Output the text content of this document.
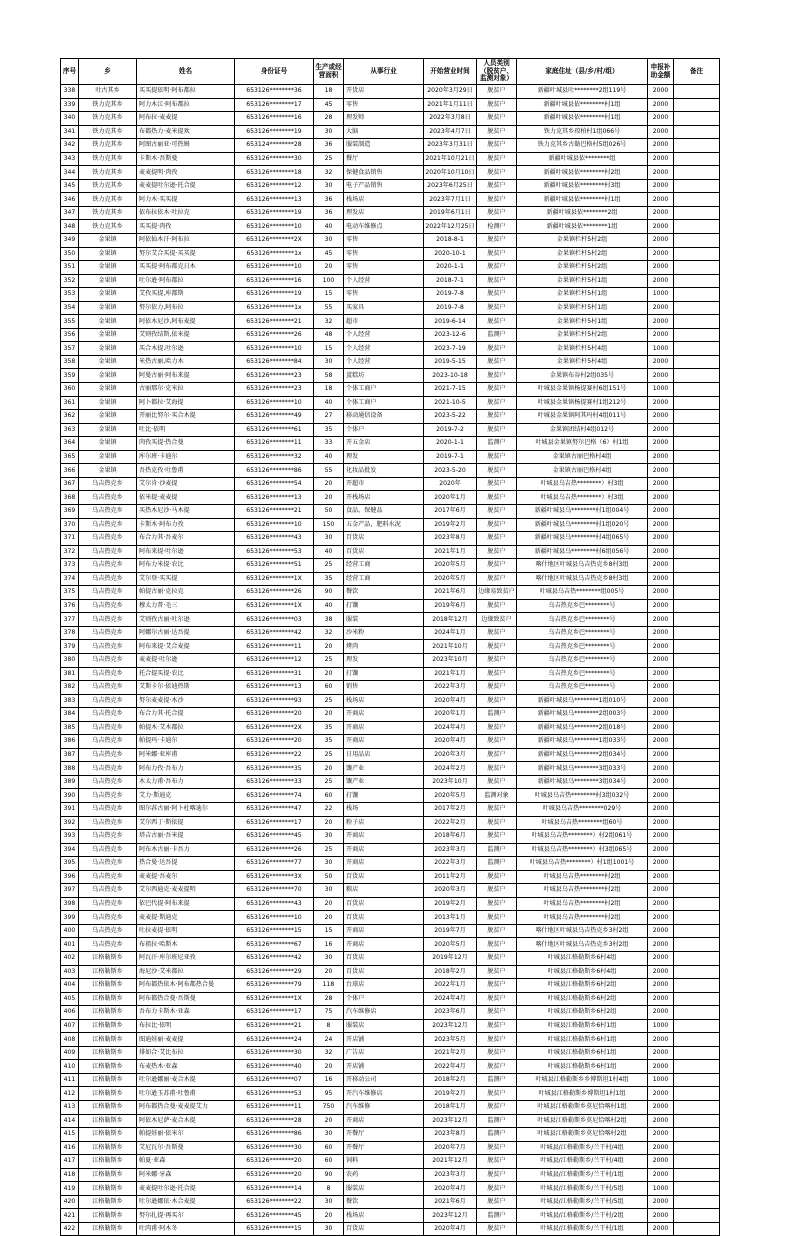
序号	乡	姓名	身份证号	生产或经营面积	从事行业	开始营业时间	人员类别（脱贫户、监测对象）	家庭住址（县/乡/村/组）	申报补助金额	备注
338	吐古其乡	买买提依明·阿布都拉	653126********36	18	开货店	2020年3月29日	脱贫户	新疆叶城县吐********2组119号	2000	
339	铁力克其乡	阿力木江·阿布都拉	653126********17	45	零售	2021年1月11日	脱贫户	新疆叶城县依********村1组	2000	
340	铁力克其乡	阿布拉·麦麦提	653126********16	28	理发师	2022年3月8日	脱贫户	新疆叶城县依********村1组	2000	
341	铁力克其乡	布都热力·麦米提欢	653126********19	30	大脑	2023年4月7日	脱贫户	铁力克其乡琼柏村1组066号	2000	
342	铁力克其乡	阿图古丽亚·可热姆	653124********28	36	服装制造	2023年3月31日	脱贫户	铁力克其乡古勒巴格村5组026号	2000	
343	铁力克其乡	卡斯木·吾斯曼	653126********30	25	餐厅	2021年10月21日	脱贫户	新疆叶城县依********组	2000	
344	铁力克其乡	麦麦提明·肉孜	653126********18	32	保健食品销售	2020年10月10日	脱贫户	新疆叶城县依********村2组	2000	
345	铁力克其乡	麦麦提吐尔逊·托合提	653126********12	30	电子产品销售	2023年6月25日	脱贫户	新疆叶城县依********村3组	2000	
346	铁力克其乡	阿力木·买买提	653126********13	36	栈场店	2023年7月1日	脱贫户	新疆叶城县依********村1组	2000	
347	铁力克其乡	依布拉依木·吐拉克	653126********19	36	理发店	2019年6月1日	脱贫户	新疆叶城县依********2组	2000	
348	铁力克其乡	买买提·肉孜	653126********10	40	电动车维修点	2022年12月25日	检测户	新疆叶城县依********1组	2000	
349	金果镇	阿依仙木汗·阿布拉	653126********2X	30	零售	2018-8-1	脱贫户	金果镇栏杆5村2组	2000	
350	金果镇	努尔艾合买提·买买提	653126********1x	45	零售	2020-10-1	脱贫户	金果镇栏杆5村2组	2000	
351	金果镇	买买提·阿布都克日木	653126********10	20	零售	2020-1-1	脱贫户	金果镇栏杆5村2组	2000	
352	金果镇	吐尔逊·阿布都拉	653126********16	100	个人经营	2018-7-1	脱贫户	金果镇栏杆5村1组	2000	
353	金果镇	艾孜买提,库都斯	653126********19	15	零售	2019-7-8	脱贫户	金果镇栏杆5村1组	1000	
354	金果镇	努尔依力,阿布拉	653126********1x	55	买家具	2019-7-8	脱贫户	金果镇栏杆5村1组	2000	
355	金果镇	阿依木尼沙,阿布麦提	653126********21	32	超市	2019-6-14	脱贫户	金果镇栏杆5村1组	2000	
356	金果镇	艾则孜结斯,依米提	653126********26	48	个人经营	2023-12-6	监测户	金果镇栏杆5村2组	2000	
357	金果镇	买合木提,吐尔逊	653126********10	15	个人经营	2023-7-19	脱贫户	金果镇栏杆5村4组	1000	
358	金果镇	米热古丽,哈力木	653126********84	30	个人经营	2019-5-15	脱贫户	金果镇栏杆5村4组	2000	
359	金果镇	阿曼古丽·阿布来提	653126********23	58	蛋糕坊	2023-10-18	脱贫户	金果镇布谷村2组035号	2000	
360	金果镇	古丽那尔·克米拉	653126********23	18	个体工商户	2021-7-15	脱贫户	叶城县金果镇杨提赛村6组151号	1000	
361	金果镇	阿卜都拉·艾海提	653126********10	40	个体工商户	2021-10-5	脱贫户	叶城县金果镇杨提赛村1组212号	2000	
362	金果镇	开丽比努尔·买合木提	653126********49	27	移动通信设备	2023-5-22	脱贫户	叶城县金果镇阿其玛村4组011号	2000	
363	金果镇	吐比·依明	653126********61	35	个体户	2019-7-2	脱贫户	金果镇团结村4组012号	2000	
364	金果镇	肉孜买提·热合曼	653126********11	33	开五金店	2020-1-1	监测户	叶城县金果镇努尔巴格（6）村1组	2000	
365	金果镇	库尔班·卡迪尔	653126********32	40	理发	2019-7-1	脱贫户	金果镇古丽巴格村4组	2000	
366	金果镇	吾热克孜·吐鲁甫	653126********86	55	化妆品批发	2023-5-20	脱贫户	金果镇古丽巴格村4组	2000	
367	乌吉热克乡	艾尔肯·沙麦提	653126********54	20	开超市	2020年	脱贫户	叶城县乌吉热********）村3组	2000	
368	乌吉热克乡	依米提·麦麦提	653126********13	20	开栈场店	2020年1月	脱贫户	叶城县乌吉热********）村3组	2000	
369	乌吉热克乡	买热木尼沙·马木提	653126********21	50	食品、保健品	2017年6月	脱贫户	新疆叶城县乌********村1组004号	2000	
370	乌吉热克乡	卡斯木·阿布力孜	653126********10	150	五金产品，肥料水泥	2019年2月	脱贫户	新疆叶城县乌********村1组020号	2000	
371	乌吉热克乡	布合力其·吾麦尔	653126********43	30	百货店	2023年8月	脱贫户	新疆叶城县乌********村4组065号	2000	
372	乌吉热克乡	阿布来提·吐尔逊	653126********53	40	百货店	2021年1月	脱贫户	新疆叶城县乌********村6组056号	2000	
373	乌吉热克乡	阿布力米提·农比	653126********51	25	经营工商	2020年5月	脱贫户	喀什地区叶城县乌吉热克乡8村3组	2000	
374	乌吉热克乡	艾尔登·买买提	653126********1X	35	经营工商	2020年5月	脱贫户	喀什地区叶城县乌吉热克乡8村3组	2000	
375	乌吉热克乡	帕提古丽·克拉克	653126********26	90	餐饮	2021年6月	边缘易致贫户	叶城县乌吉热********组005号	2000	
376	乌吉热克乡	穆太力普·毛三	653126********1X	40	打馕	2019年6月	脱贫户	乌吉热克乡巴********号	2000	
377	乌吉热克乡	艾则孜古丽·吐尔逊	653126********03	38	服装	2018年12月	边缘致贫户	乌吉热克乡巴********号	2000	
378	乌吉热克乡	阿娜尔古丽·达吾提	653126********42	32	沙米粉	2024年1月	脱贫户	乌吉热克乡巴********号	2000	
379	乌吉热克乡	阿布来提·艾合麦提	653126********11	20	烤肉	2021年10月	脱贫户	乌吉热克乡巴********号	2000	
380	乌吉热克乡	麦麦提·吐尔逊	653126********12	25	理发	2023年10月	脱贫户	乌吉热克乡巴********号	2000	
381	乌吉热克乡	托合提买提·农比	653126********31	20	打馕	2021年1月	脱贫户	乌吉热克乡巴********号	2000	
382	乌吉热克乡	艾斯卡尔·依迪热斯	653126********13	60	销售	2022年3月	脱贫户	乌吉热克乡巴********号	2000	
383	乌吉热克乡	努尔麦麦提·木沙	653126********93	25	栈场店	2020年4月	脱贫户	新疆叶城县乌********1组010号	2000	
384	乌吉热克乡	布合力其·托合提	653126********20	20	开商店	2020年1月	监测户	新疆叶城县乌********2组003号	2000	
385	乌吉热克乡	帕提木·艾木都拉	653126********2X	35	开商店	2024年4月	脱贫户	新疆叶城县乌********2组018号	2000	
386	乌吉热克乡	帕提玛·卡迪尔	653126********20	35	开商店	2020年4月	脱贫户	新疆叶城县乌********1组033号	2000	
387	乌吉热克乡	阿米娜·亚库甫	653126********22	25	日用品店	2020年3月	脱贫户	新疆叶城县乌********2组034号	2000	
388	乌吉热克乡	阿布力孜·吾布力	653126********35	20	馕产业	2024年2月	脱贫户	新疆叶城县乌********3组033号	2000	
389	乌吉热克乡	木太力甫·吾布力	653126********33	25	馕产业	2023年10月	脱贫户	新疆叶城县乌********3组034号	2000	
390	乌吉热克乡	艾力·斯迪克	653126********74	60	打馕	2020年5月	监测对象	叶城县乌吉热********村3组032号	2000	
391	乌吉热克乡	图尔荪古丽·阿卜杜喀迪尔	653126********47	22	栈场	2017年2月	脱贫户	叶城县乌吉热********029号	2000	
392	乌吉热克乡	艾尔西丁·斯依提	653126********17	20	粉子店	2022年2月	脱贫户	叶城县乌吉热********组60号	2000	
393	乌吉热克乡	塔吉古丽·吾米提	653126********45	30	开商店	2018年6月	脱贫户	叶城县乌吉热********）村2组061号	2000	
394	乌吉热克乡	阿布木古丽·卡吾力	653126********26	25	开商店	2023年3月	监测户	叶城县乌吉热********）村3组065号	2000	
395	乌吉热克乡	热合曼·达吾提	653126********77	30	开商店	2022年3月	监测户	叶城县乌吉热********）村1组1001号	2000	
396	乌吉热克乡	麦麦提·吾麦尔	653126********3X	50	百货店	2011年2月	脱贫户	叶城县乌吉热********村2组	2000	
397	乌吉热克乡	艾尔西迪克·麦麦提明	653126********70	30	粮店	2020年3月	脱贫户	叶城县乌吉热********村2组	2000	
398	乌吉热克乡	依巴代提·阿布来提	653126********43	20	百货店	2019年2月	脱贫户	叶城县乌吉热********村2组	2000	
399	乌吉热克乡	麦麦提·斯迪克	653126********10	20	百货店	2013年1月	脱贫户	叶城县乌吉热********村2组	2000	
400	乌吉热克乡	吐拉麦提·依明	653126********15	15	开商店	2019年7月	脱贫户	喀什地区叶城县乌吉热克乡3村2组	2000	
401	乌吉热克乡	布祖拉·哈斯木	653126********67	16	开商店	2020年5月	脱贫户	喀什地区叶城县乌吉热克乡3村2组	2000	
402	江格勒斯乡	阿瓦汗·库尔班尼亚孜	653126********42	30	百货店	2019年12月	脱贫户	叶城县江格勒斯乡6村4组	2000	
403	江格勒斯乡	海尼沙·艾米都拉	653126********29	20	百货店	2018年2月	脱贫户	叶城县江格勒斯乡6村4组	2000	
404	江格勒斯乡	阿布都热依木·阿布都热合曼	653126********79	118	台球店	2022年1月	脱贫户	叶城县江格勒斯乡6村2组	2000	
405	江格勒斯乡	阿布都热合曼·吾斯曼	653126********1X	28	个体户	2024年4月	脱贫户	叶城县江格勒斯乡6村2组	2000	
406	江格勒斯乡	吾布力卡斯木·亚森	653126********17	75	汽车维修店	2023年6月	脱贫户	叶城县江格勒斯乡6村2组	2000	
407	江格勒斯乡	布拉比·依明	653126********21	8	服装店	2023年12月	脱贫户	叶城县江格勒斯乡6村1组	1000	
408	江格勒斯乡	图迪娃丽·麦麦提	653126********24	24	开店铺	2023年5月	脱贫户	叶城县江格勒斯乡6村1组	2000	
409	江格勒斯乡	排如合·艾比布拉	653126********30	32	广告店	2021年2月	脱贫户	叶城县江格勒斯乡6村1组	2000	
410	江格勒斯乡	布麦热木·亚森	653126********40	20	开店铺	2022年4月	脱贫户	叶城县江格勒斯乡6村1组	2000	
411	江格勒斯乡	吐尔逊娜丽·麦合木提	653126********07	16	开移动公司	2018年2月	监测户	叶城县江格勒斯乡乡博斯坦1村4组	1000	
412	江格勒斯乡	吐尔逊玉苏甫·吐鲁甫	653126********53	95	开汽车维修店	2019年2月	脱贫户	叶城县江格勒斯乡博斯坦1村1组	2000	
413	江格勒斯乡	阿布都热合曼·麦麦提艾力	653126********11	750	汽车维修	2018年1月	脱贫户	叶城县江格勒斯乡莫尼恰喀村1组	2000	
414	江格勒斯乡	阿依木尼萨·麦合木提	653126********28	20	开商店	2023年12月	监测户	叶城县江格勒斯乡莫尼恰喀村2组	2000	
415	江格勒斯乡	帕提娃丽·依米尔	653126********86	30	开餐厅	2023年8月	监测户	叶城县江格勒斯乡莫尼恰喀村2组	2000	
416	江格勒斯乡	艾尼瓦尔·吾斯曼	653126********30	60	开餐厅	2020年7月	脱贫户	叶城县/江格勒斯乡/兰干村/4组	2000	
417	江格勒斯乡	帕夏·亚森	653126********20	60	饲料	2021年12月	脱贫户	叶城县/江格勒斯乡/兰干村/4组	2000	
418	江格勒斯乡	阿米娜·牙森	653126********20	90	农药	2023年3月	脱贫户	叶城县/江格勒斯乡/兰干村/1组	2000	
419	江格勒斯乡	麦麦提吐尔逊·托合提	653126********14	8	服装店	2020年4月	脱贫户	叶城县/江格勒斯乡/兰干村/5组	1000	
420	江格勒斯乡	吐尔逊娜依·木合麦提	653126********22	30	餐饮	2021年6月	脱贫户	叶城县/江格勒斯乡/兰干村/5组	2000	
421	江格勒斯乡	努尔扎提·再买尔	653126********45	20	栈场店	2023年12月	监测户	叶城县/江格勒斯乡/兰干村/2组	2000	
422	江格勒斯乡	吐肉甫·阿木冬	653126********15	30	百货店	2020年4月	脱贫户	叶城县/江格勒斯乡/兰干村/1组	2000	
